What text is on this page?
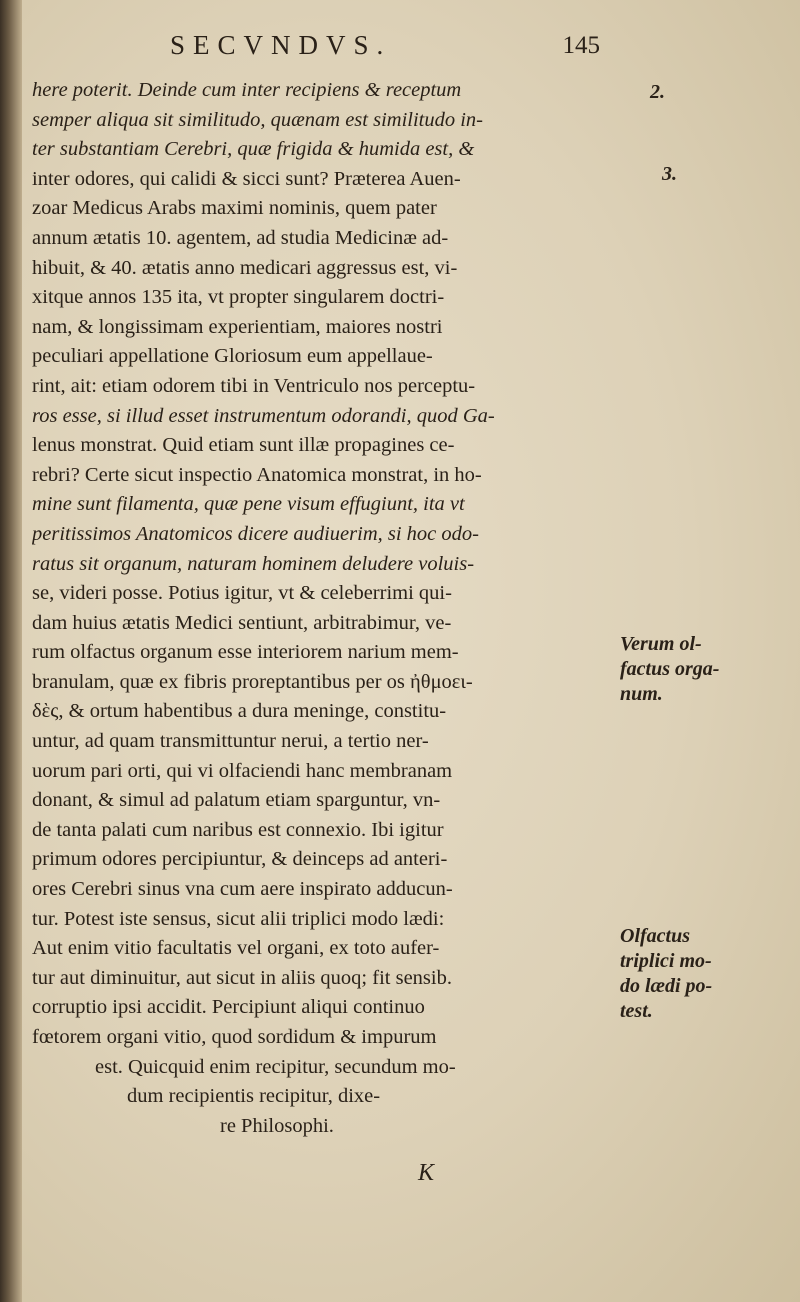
SECVNDVS.	145
here poterit. Deinde cum inter recipiens & receptum
semper aliqua sit similitudo, quænam est similitudo in-
ter substantiam Cerebri, quæ frigida & humida est, &
inter odores, qui calidi & sicci sunt? Præterea Auen-
zoar Medicus Arabs maximi nominis, quem pater
annum ætatis 10. agentem, ad studia Medicinæ ad-
hibuit, & 40. ætatis anno medicari aggressus est, vi-
xitque annos 135 ita, vt propter singularem doctri-
nam, & longissimam experientiam, maiores nostri
peculiari appellatione Gloriosum eum appellaue-
rint, ait: etiam odorem tibi in Ventriculo nos perceptu-
ros esse, si illud esset instrumentum odorandi, quod Ga-
lenus monstrat. Quid etiam sunt illæ propagines ce-
rebri? Certe sicut inspectio Anatomica monstrat, in ho-
mine sunt filamenta, quæ pene visum effugiunt, ita vt
peritissimos Anatomicos dicere audiuerim, si hoc odo-
ratus sit organum, naturam hominem deludere voluis-
se, videri posse. Potius igitur, vt & celeberrimi qui-
dam huius ætatis Medici sentiunt, arbitrabimur, ve-
rum olfactus organum esse interiorem narium mem-
branulam, quæ ex fibris proreptantibus per os ἠθμοει-
δὲς, & ortum habentibus a dura meninge, constitu-
untur, ad quam transmittuntur nerui, a tertio ner-
uorum pari orti, qui vi olfaciendi hanc membranam
donant, & simul ad palatum etiam sparguntur, vn-
de tanta palati cum naribus est connexio. Ibi igitur
primum odores percipiuntur, & deinceps ad anteri-
ores Cerebri sinus vna cum aere inspirato adducun-
tur. Potest iste sensus, sicut alii triplici modo lædi:
Aut enim vitio facultatis vel organi, ex toto aufer-
tur aut diminuitur, aut sicut in aliis quoq; fit sensib.
corruptio ipsi accidit. Percipiunt aliqui continuo
fœtorem organi vitio, quod sordidum & impurum
est. Quicquid enim recipitur, secundum mo-
dum recipientis recipitur, dixe-
re Philosophi.
K
2.
3.
Verum ol-
factus orga-
num.
Olfactus
triplici mo-
do lædi po-
test.
